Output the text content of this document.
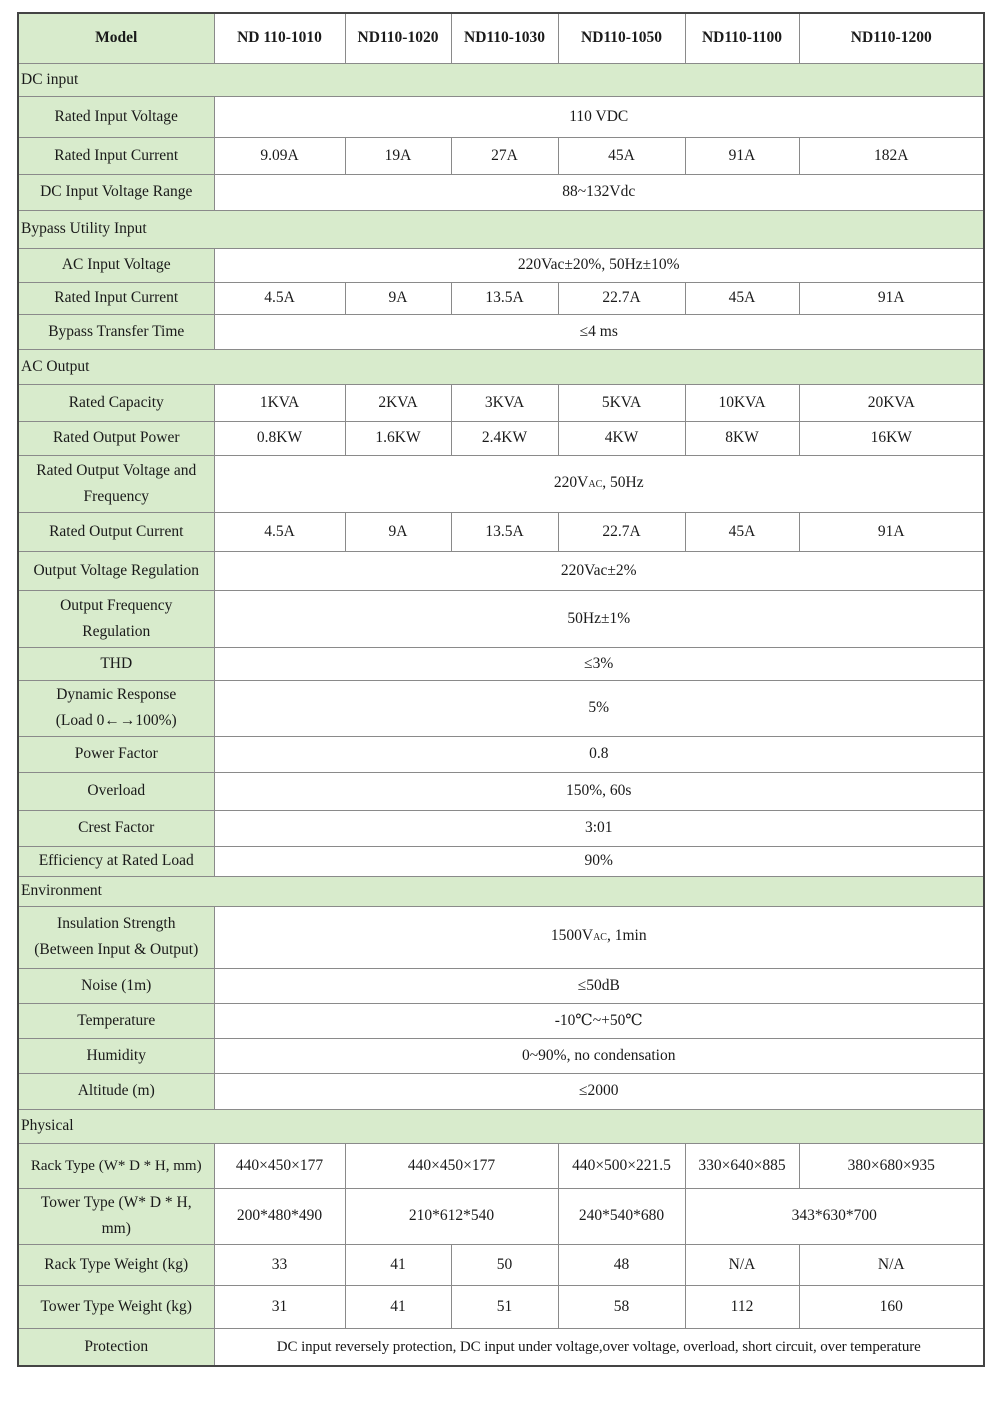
Model	ND 110-1010	ND110-1020	ND110-1030	ND110-1050	ND110-1100	ND110-1200
DC input						
Rated Input Voltage	110 VDC					
Rated Input Current	9.09A	19A	27A	45A	91A	182A
DC Input Voltage Range	88~132Vdc					
Bypass Utility Input						
AC Input Voltage	220Vac±20%, 50Hz±10%					
Rated Input Current	4.5A	9A	13.5A	22.7A	45A	91A
Bypass Transfer Time	≤4 ms					
AC Output						
Rated Capacity	1KVA	2KVA	3KVA	5KVA	10KVA	20KVA
Rated Output Power	0.8KW	1.6KW	2.4KW	4KW	8KW	16KW
Rated Output Voltage and
Frequency	220VAC, 50Hz					
Rated Output Current	4.5A	9A	13.5A	22.7A	45A	91A
Output Voltage Regulation	220Vac±2%					
Output Frequency
Regulation	50Hz±1%					
THD	≤3%					
Dynamic Response
(Load 0←→100%)	5%					
Power Factor	0.8					
Overload	150%, 60s					
Crest Factor	3:01					
Efficiency at Rated Load	90%					
Environment						
Insulation Strength
(Between Input & Output)	1500VAC, 1min					
Noise (1m)	≤50dB					
Temperature	-10℃~+50℃					
Humidity	0~90%, no condensation					
Altitude (m)	≤2000					
Physical						
Rack Type (W* D * H, mm)	440×450×177	440×450×177		440×500×221.5	330×640×885	380×680×935
Tower Type (W* D * H,
mm)	200*480*490	210*612*540		240*540*680	343*630*700	
Rack Type Weight (kg)	33	41	50	48	N/A	N/A
Tower Type Weight (kg)	31	41	51	58	112	160
Protection	DC input reversely protection, DC input under voltage,over voltage, overload, short circuit, over temperature					
